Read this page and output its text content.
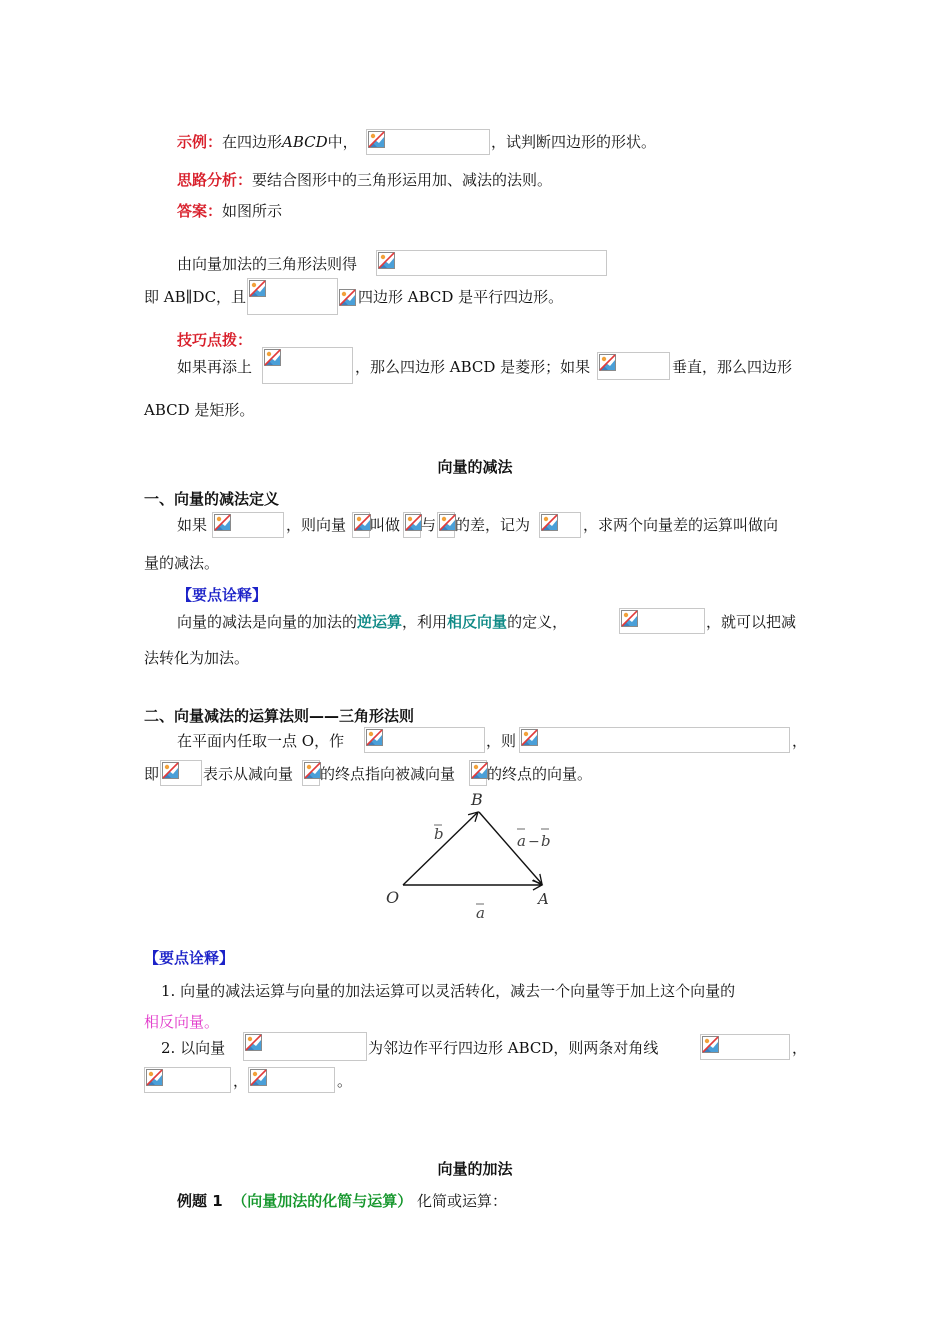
示例：在四边形ABCD中，	，试判断四边形的形状。
思路分析：要结合图形中的三角形运用加、减法的法则。
答案：如图所示
由向量加法的三角形法则得
即 AB∥DC，且	四边形 ABCD 是平行四边形。
技巧点拨：
如果再添上	，那么四边形 ABCD 是菱形；如果	垂直，那么四边形
ABCD 是矩形。
向量的减法
一、向量的减法定义
如果	，则向量 叫做 与 的差，记为	，求两个向量差的运算叫做向
量的减法。
【要点诠释】
向量的减法是向量的加法的逆运算，利用相反向量的定义，	，就可以把减
法转化为加法。
二、向量减法的运算法则——三角形法则
在平面内任取一点 O，作	，则	，
即	表示从减向量 的终点指向被减向量 的终点的向量。
B
O	A
b
a
a − b
【要点诠释】
1. 向量的减法运算与向量的加法运算可以灵活转化，减去一个向量等于加上这个向量的
相反向量。
2. 以向量	为邻边作平行四边形 ABCD，则两条对角线	，
，	。
向量的加法
例题 1 （向量加法的化简与运算） 化简或运算：
